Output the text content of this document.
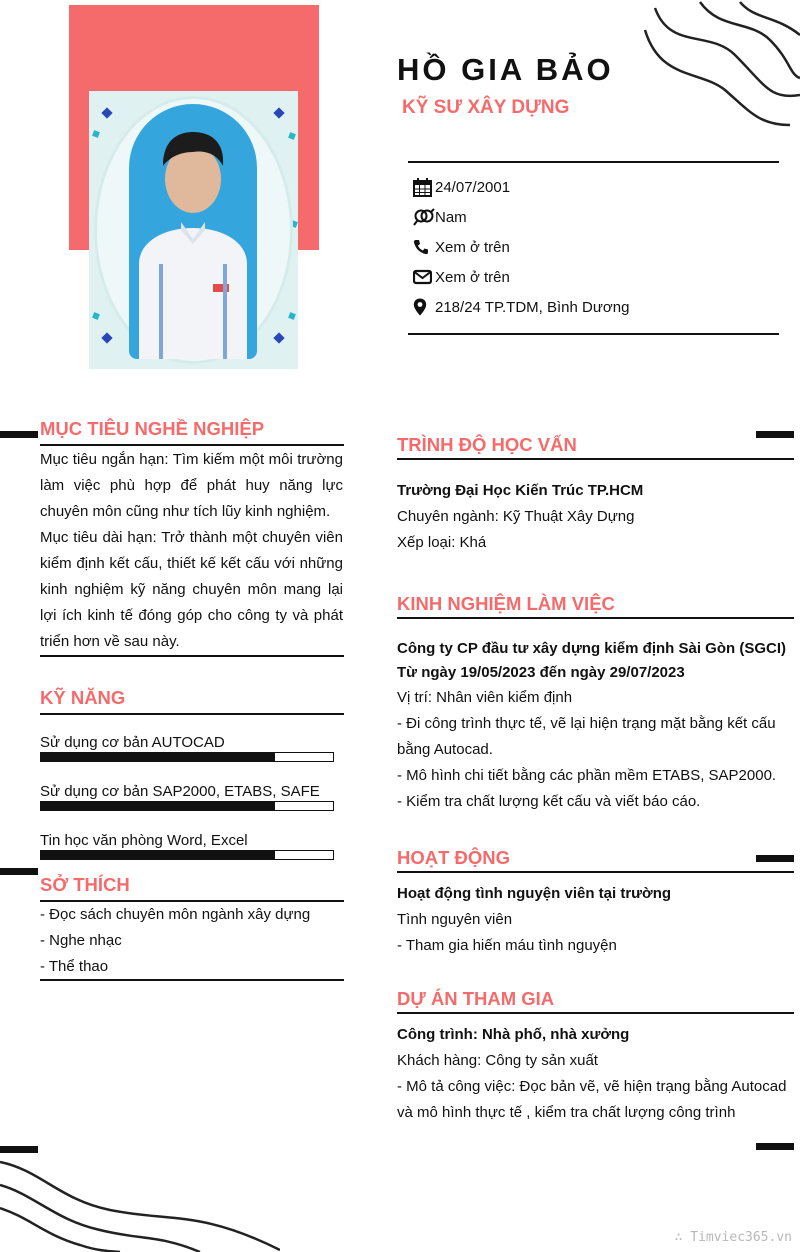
HỒ GIA BẢO
KỸ SƯ XÂY DỰNG
24/07/2001
Nam
Xem ở trên
Xem ở trên
218/24 TP.TDM, Bình Dương
MỤC TIÊU NGHỀ NGHIỆP
Mục tiêu ngắn hạn: Tìm kiếm một môi trường làm việc phù hợp để phát huy năng lực chuyên môn cũng như tích lũy kinh nghiệm.
Mục tiêu dài hạn: Trở thành một chuyên viên kiểm định kết cấu, thiết kế kết cấu với những kinh nghiệm kỹ năng chuyên môn mang lại lợi ích kinh tế đóng góp cho công ty và phát triển hơn về sau này.
KỸ NĂNG
Sử dụng cơ bản AUTOCAD
Sử dụng cơ bản SAP2000, ETABS, SAFE
Tin học văn phòng Word, Excel
SỞ THÍCH
- Đọc sách chuyên môn ngành xây dựng
- Nghe nhạc
- Thể thao
TRÌNH ĐỘ HỌC VẤN
Trường Đại Học Kiến Trúc TP.HCM
Chuyên ngành: Kỹ Thuật Xây Dựng
Xếp loại: Khá
KINH NGHIỆM LÀM VIỆC
Công ty CP đầu tư xây dựng kiểm định Sài Gòn (SGCI)
Từ ngày 19/05/2023 đến ngày 29/07/2023
Vị trí: Nhân viên kiểm định
- Đi công trình thực tế, vẽ lại hiện trạng mặt bằng kết cấu bằng Autocad.
- Mô hình chi tiết bằng các phần mềm ETABS, SAP2000.
- Kiểm tra chất lượng kết cấu và viết báo cáo.
HOẠT ĐỘNG
Hoạt động tình nguyện viên tại trường
Tình nguyên viên
- Tham gia hiến máu tình nguyện
DỰ ÁN THAM GIA
Công trình: Nhà phố, nhà xưởng
Khách hàng: Công ty sản xuất
- Mô tả công việc: Đọc bản vẽ, vẽ hiện trạng bằng Autocad và mô hình thực tế , kiểm tra chất lượng công trình
∴ Timviec365.vn
